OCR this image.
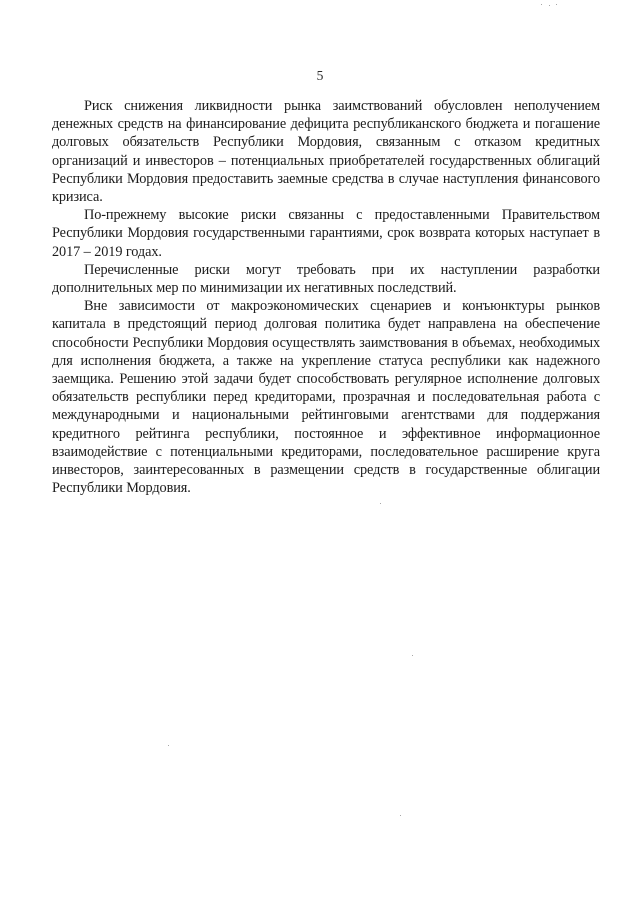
5

Риск снижения ликвидности рынка заимствований обусловлен неполучением денежных средств на финансирование дефицита республиканского бюджета и погашение долговых обязательств Республики Мордовия, связанным с отказом кредитных организаций и инвесторов – потенциальных приобретателей государственных облигаций Республики Мордовия предоставить заемные средства в случае наступления финансового кризиса.

По-прежнему высокие риски связанны с предоставленными Правительством Республики Мордовия государственными гарантиями, срок возврата которых наступает в 2017 – 2019 годах.

Перечисленные риски могут требовать при их наступлении разработки дополнительных мер по минимизации их негативных последствий.

Вне зависимости от макроэкономических сценариев и конъюнктуры рынков капитала в предстоящий период долговая политика будет направлена на обеспечение способности Республики Мордовия осуществлять заимствования в объемах, необходимых для исполнения бюджета, а также на укрепление статуса республики как надежного заемщика. Решению этой задачи будет способствовать регулярное исполнение долговых обязательств республики перед кредиторами, прозрачная и последовательная работа с международными и национальными рейтинговыми агентствами для поддержания кредитного рейтинга республики, постоянное и эффективное информационное взаимодействие с потенциальными кредиторами, последовательное расширение круга инвесторов, заинтересованных в размещении средств в государственные облигации Республики Мордовия.
